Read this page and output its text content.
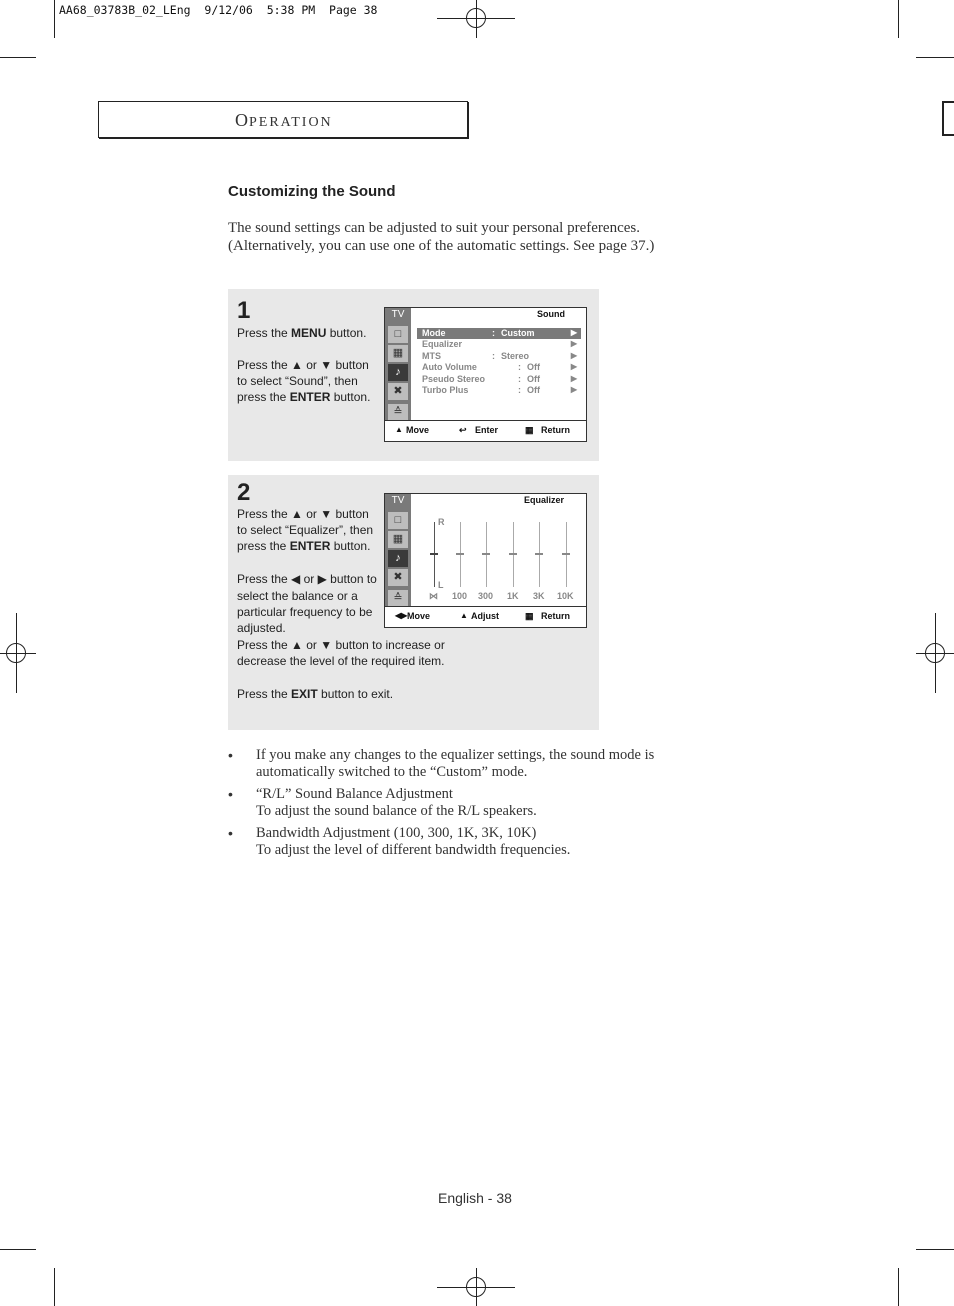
AA68_03783B_02_LEng  9/12/06  5:38 PM  Page 38
OPERATION
Customizing the Sound
The sound settings can be adjusted to suit your personal preferences.
(Alternatively, you can use one of the automatic settings. See page 37.)
1
Press the MENU button.
Press the ▲ or ▼ button
to select “Sound”, then
press the ENTER button.
TV
□
▦
♪
✖
≙
Sound
Mode	: Custom	▶
Equalizer	▶
MTS	: Stereo	▶
Auto Volume	: Off	▶
Pseudo Stereo	: Off	▶
Turbo Plus	: Off	▶
▲︎ Move	↩ Enter	▦ Return
2
Press the ▲ or ▼ button
to select “Equalizer”, then
press the ENTER button.
Press the ◀ or ▶ button to
select the balance or a
particular frequency to be
adjusted.
Press the ▲ or ▼ button to increase or
decrease the level of the required item.
Press the EXIT button to exit.
TV
□
▦
♪
✖
≙
Equalizer
R
L
⋈ 100 300 1K 3K 10K
◀▶ Move	▲ Adjust	▦ Return
• If you make any changes to the equalizer settings, the sound mode is
automatically switched to the “Custom” mode.
• “R/L” Sound Balance Adjustment
To adjust the sound balance of the R/L speakers.
• Bandwidth Adjustment (100, 300, 1K, 3K, 10K)
To adjust the level of different bandwidth frequencies.
English - 38
